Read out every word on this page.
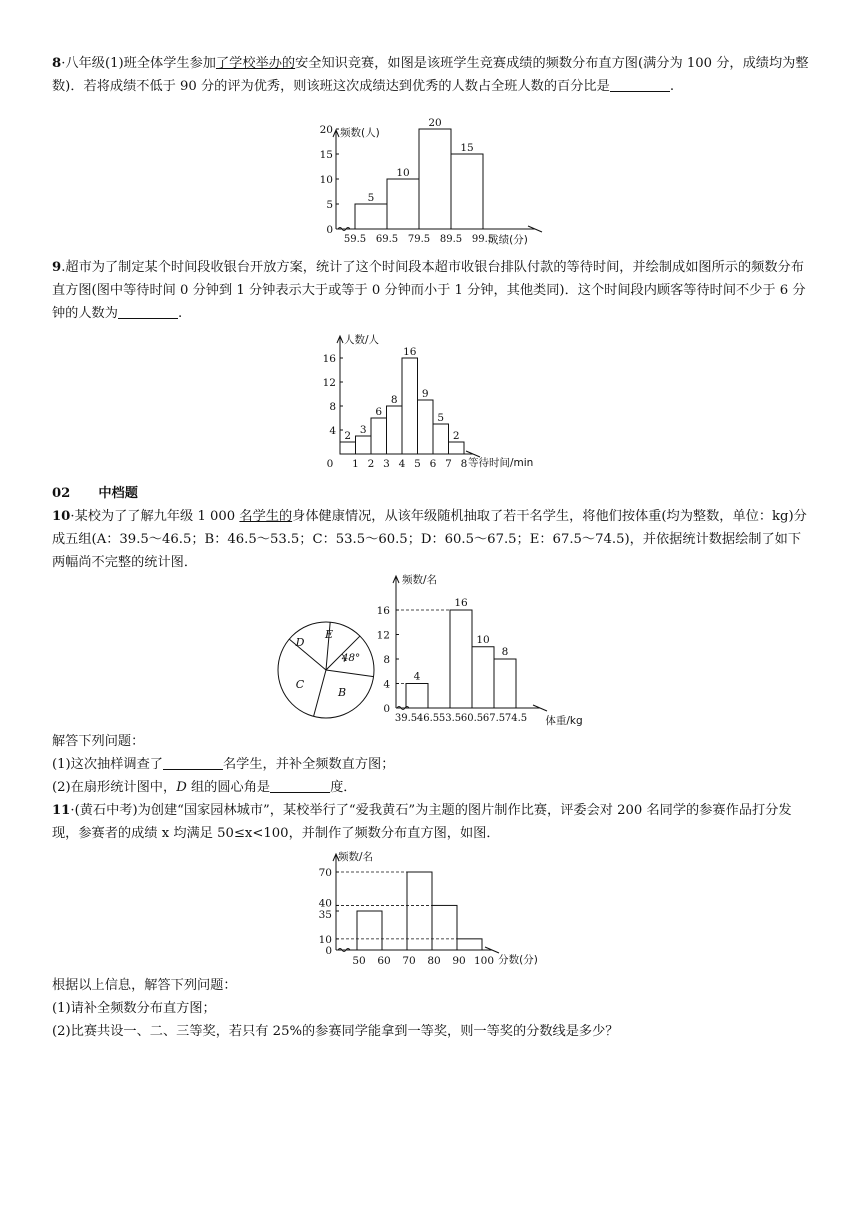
8·八年级(1)班全体学生参加了学校举办的安全知识竞赛，如图是该班学生竞赛成绩的频数分布直方图(满分为 100 分，成绩均为整数)．若将成绩不低于 90 分的评为优秀，则该班这次成绩达到优秀的人数占全班人数的百分比是	.

频数(人)
成绩(分)
0
5
10
15
20
59.5 69.5 79.5 89.5 99.5
5
10
20
15

9.超市为了制定某个时间段收银台开放方案，统计了这个时间段本超市收银台排队付款的等待时间，并绘制成如图所示的频数分布直方图(图中等待时间 0 分钟到 1 分钟表示大于或等于 0 分钟而小于 1 分钟，其他类同)．这个时间段内顾客等待时间不少于 6 分钟的人数为	.

人数/人
等待时间/min
4
8
12
16
0 1 2 3 4 5 6 7 8
2 3
6
8
16
9
5
2
02 中档题

10·某校为了了解九年级 1 000 名学生的身体健康情况，从该年级随机抽取了若干名学生，将他们按体重(均为整数，单位：kg)分成五组(A：39.5～46.5；B：46.5～53.5；C：53.5～60.5；D：60.5～67.5；E：67.5～74.5)，并依据统计数据绘制了如下两幅尚不完整的统计图．

D
E
B
C
48°
频数/名
体重/kg
0
4
8
12
16
39.5 46.5 53.5 60.5 67.5 74.5
4
16
10
8

解答下列问题：

(1)这次抽样调查了	名学生，并补全频数直方图；

(2)在扇形统计图中，D 组的圆心角是	度．

11·(黄石中考)为创建“国家园林城市”，某校举行了“爱我黄石”为主题的图片制作比赛，评委会对 200 名同学的参赛作品打分发现，参赛者的成绩 x 均满足 50≤x<100，并制作了频数分布直方图，如图．

频数/名
分数(分)
0
10
35
40
70
50 60 70 80 90 100

根据以上信息，解答下列问题：

(1)请补全频数分布直方图；

(2)比赛共设一、二、三等奖，若只有 25%的参赛同学能拿到一等奖，则一等奖的分数线是多少？
